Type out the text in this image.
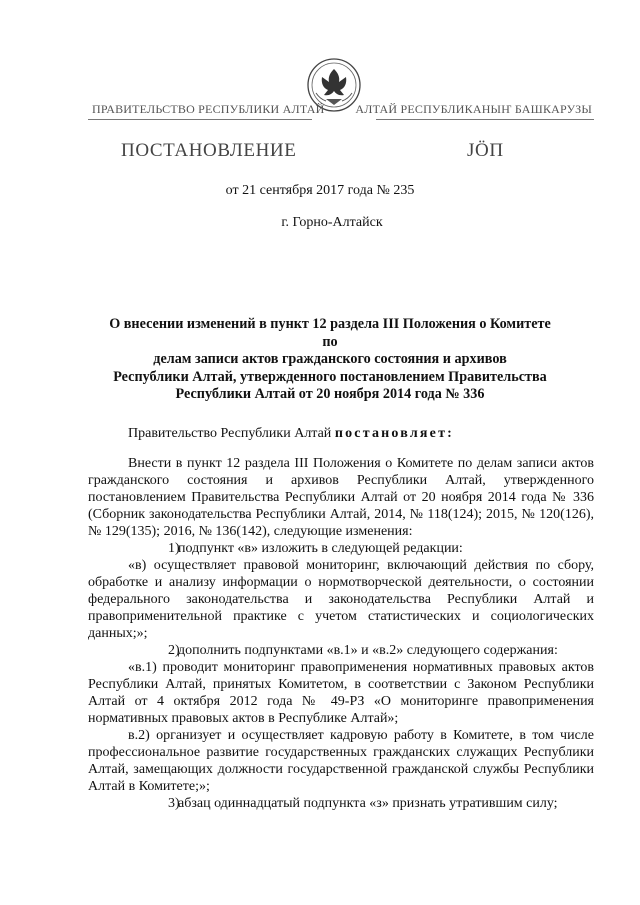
ПРАВИТЕЛЬСТВО РЕСПУБЛИКИ АЛТАЙ	АЛТАЙ РЕСПУБЛИКАНЫҤ БАШКАРУЗЫ
ПОСТАНОВЛЕНИЕ	ЈÖП
от 21 сентября 2017 года № 235
г. Горно-Алтайск
О внесении изменений в пункт 12 раздела III Положения о Комитете по
делам записи актов гражданского состояния и архивов
Республики Алтай, утвержденного постановлением Правительства
Республики Алтай от 20 ноября 2014 года № 336
Правительство Республики Алтай постановляет:

Внести в пункт 12 раздела III Положения о Комитете по делам записи актов гражданского состояния и архивов Республики Алтай, утвержденного постановлением Правительства Республики Алтай от 20 ноября 2014 года № 336 (Сборник законодательства Республики Алтай, 2014, № 118(124); 2015, № 120(126), № 129(135); 2016, № 136(142), следующие изменения:

1)подпункт «в» изложить в следующей редакции:

«в) осуществляет правовой мониторинг, включающий действия по сбору, обработке и анализу информации о нормотворческой деятельности, о состоянии федерального законодательства и законодательства Республики Алтай и правоприменительной практике с учетом статистических и социологических данных;»;

2)дополнить подпунктами «в.1» и «в.2» следующего содержания:

«в.1) проводит мониторинг правоприменения нормативных правовых актов Республики Алтай, принятых Комитетом, в соответствии с Законом Республики Алтай от 4 октября 2012 года № 49-РЗ «О мониторинге правоприменения нормативных правовых актов в Республике Алтай»;

в.2) организует и осуществляет кадровую работу в Комитете, в том числе профессиональное развитие государственных гражданских служащих Республики Алтай, замещающих должности государственной гражданской службы Республики Алтай в Комитете;»;

3)абзац одиннадцатый подпункта «з» признать утратившим силу;
